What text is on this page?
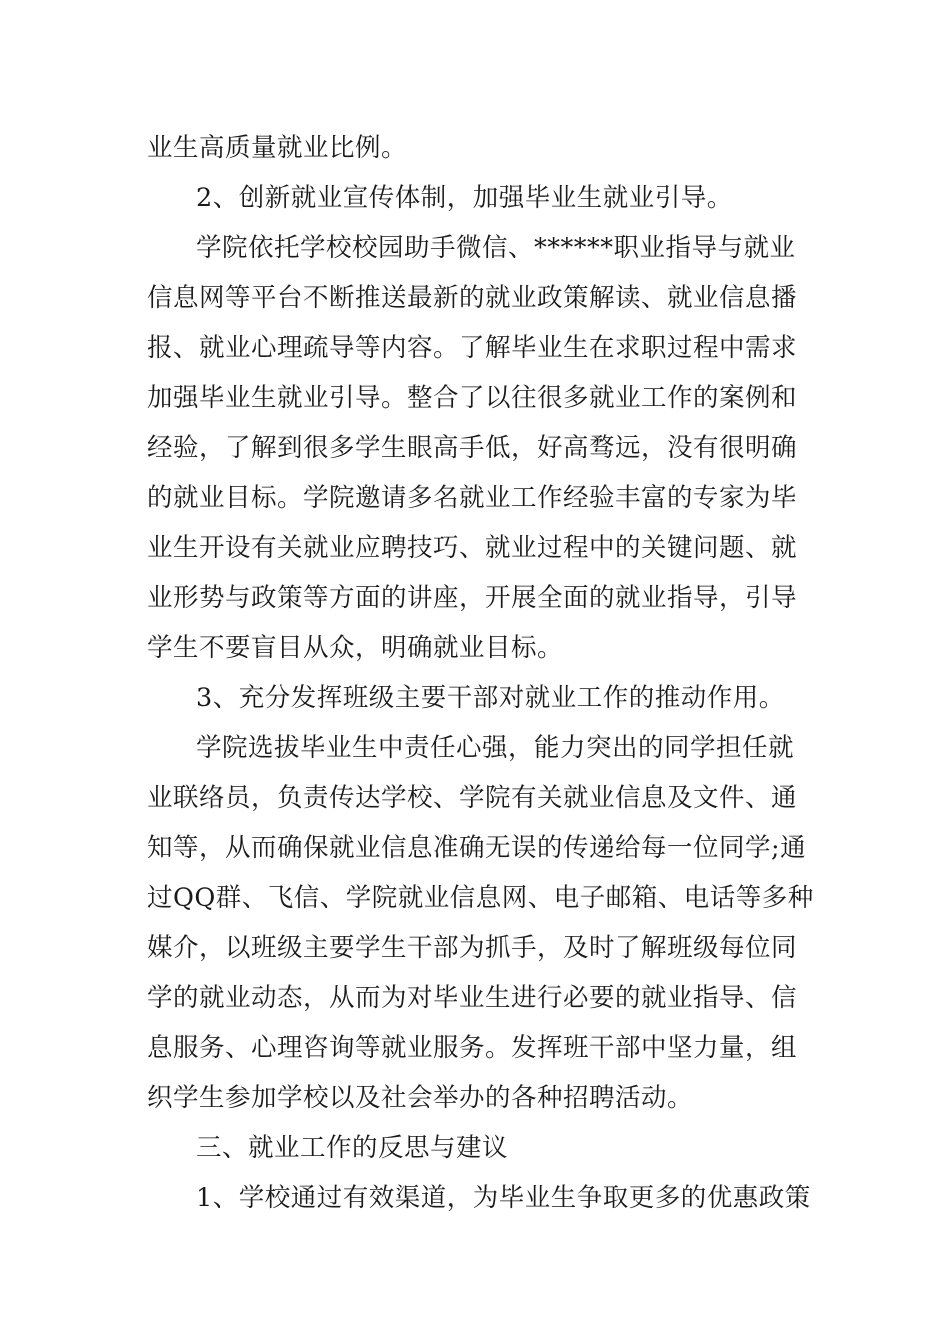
业生高质量就业比例。
2、创新就业宣传体制，加强毕业生就业引导。
学院依托学校校园助手微信、******职业指导与就业
信息网等平台不断推送最新的就业政策解读、就业信息播
报、就业心理疏导等内容。了解毕业生在求职过程中需求
加强毕业生就业引导。整合了以往很多就业工作的案例和
经验，了解到很多学生眼高手低，好高骛远，没有很明确
的就业目标。学院邀请多名就业工作经验丰富的专家为毕
业生开设有关就业应聘技巧、就业过程中的关键问题、就
业形势与政策等方面的讲座，开展全面的就业指导，引导
学生不要盲目从众，明确就业目标。
3、充分发挥班级主要干部对就业工作的推动作用。
学院选拔毕业生中责任心强，能力突出的同学担任就
业联络员，负责传达学校、学院有关就业信息及文件、通
知等，从而确保就业信息准确无误的传递给每一位同学;通
过QQ群、飞信、学院就业信息网、电子邮箱、电话等多种
媒介，以班级主要学生干部为抓手，及时了解班级每位同
学的就业动态，从而为对毕业生进行必要的就业指导、信
息服务、心理咨询等就业服务。发挥班干部中坚力量，组
织学生参加学校以及社会举办的各种招聘活动。
三、就业工作的反思与建议
1、学校通过有效渠道，为毕业生争取更多的优惠政策
